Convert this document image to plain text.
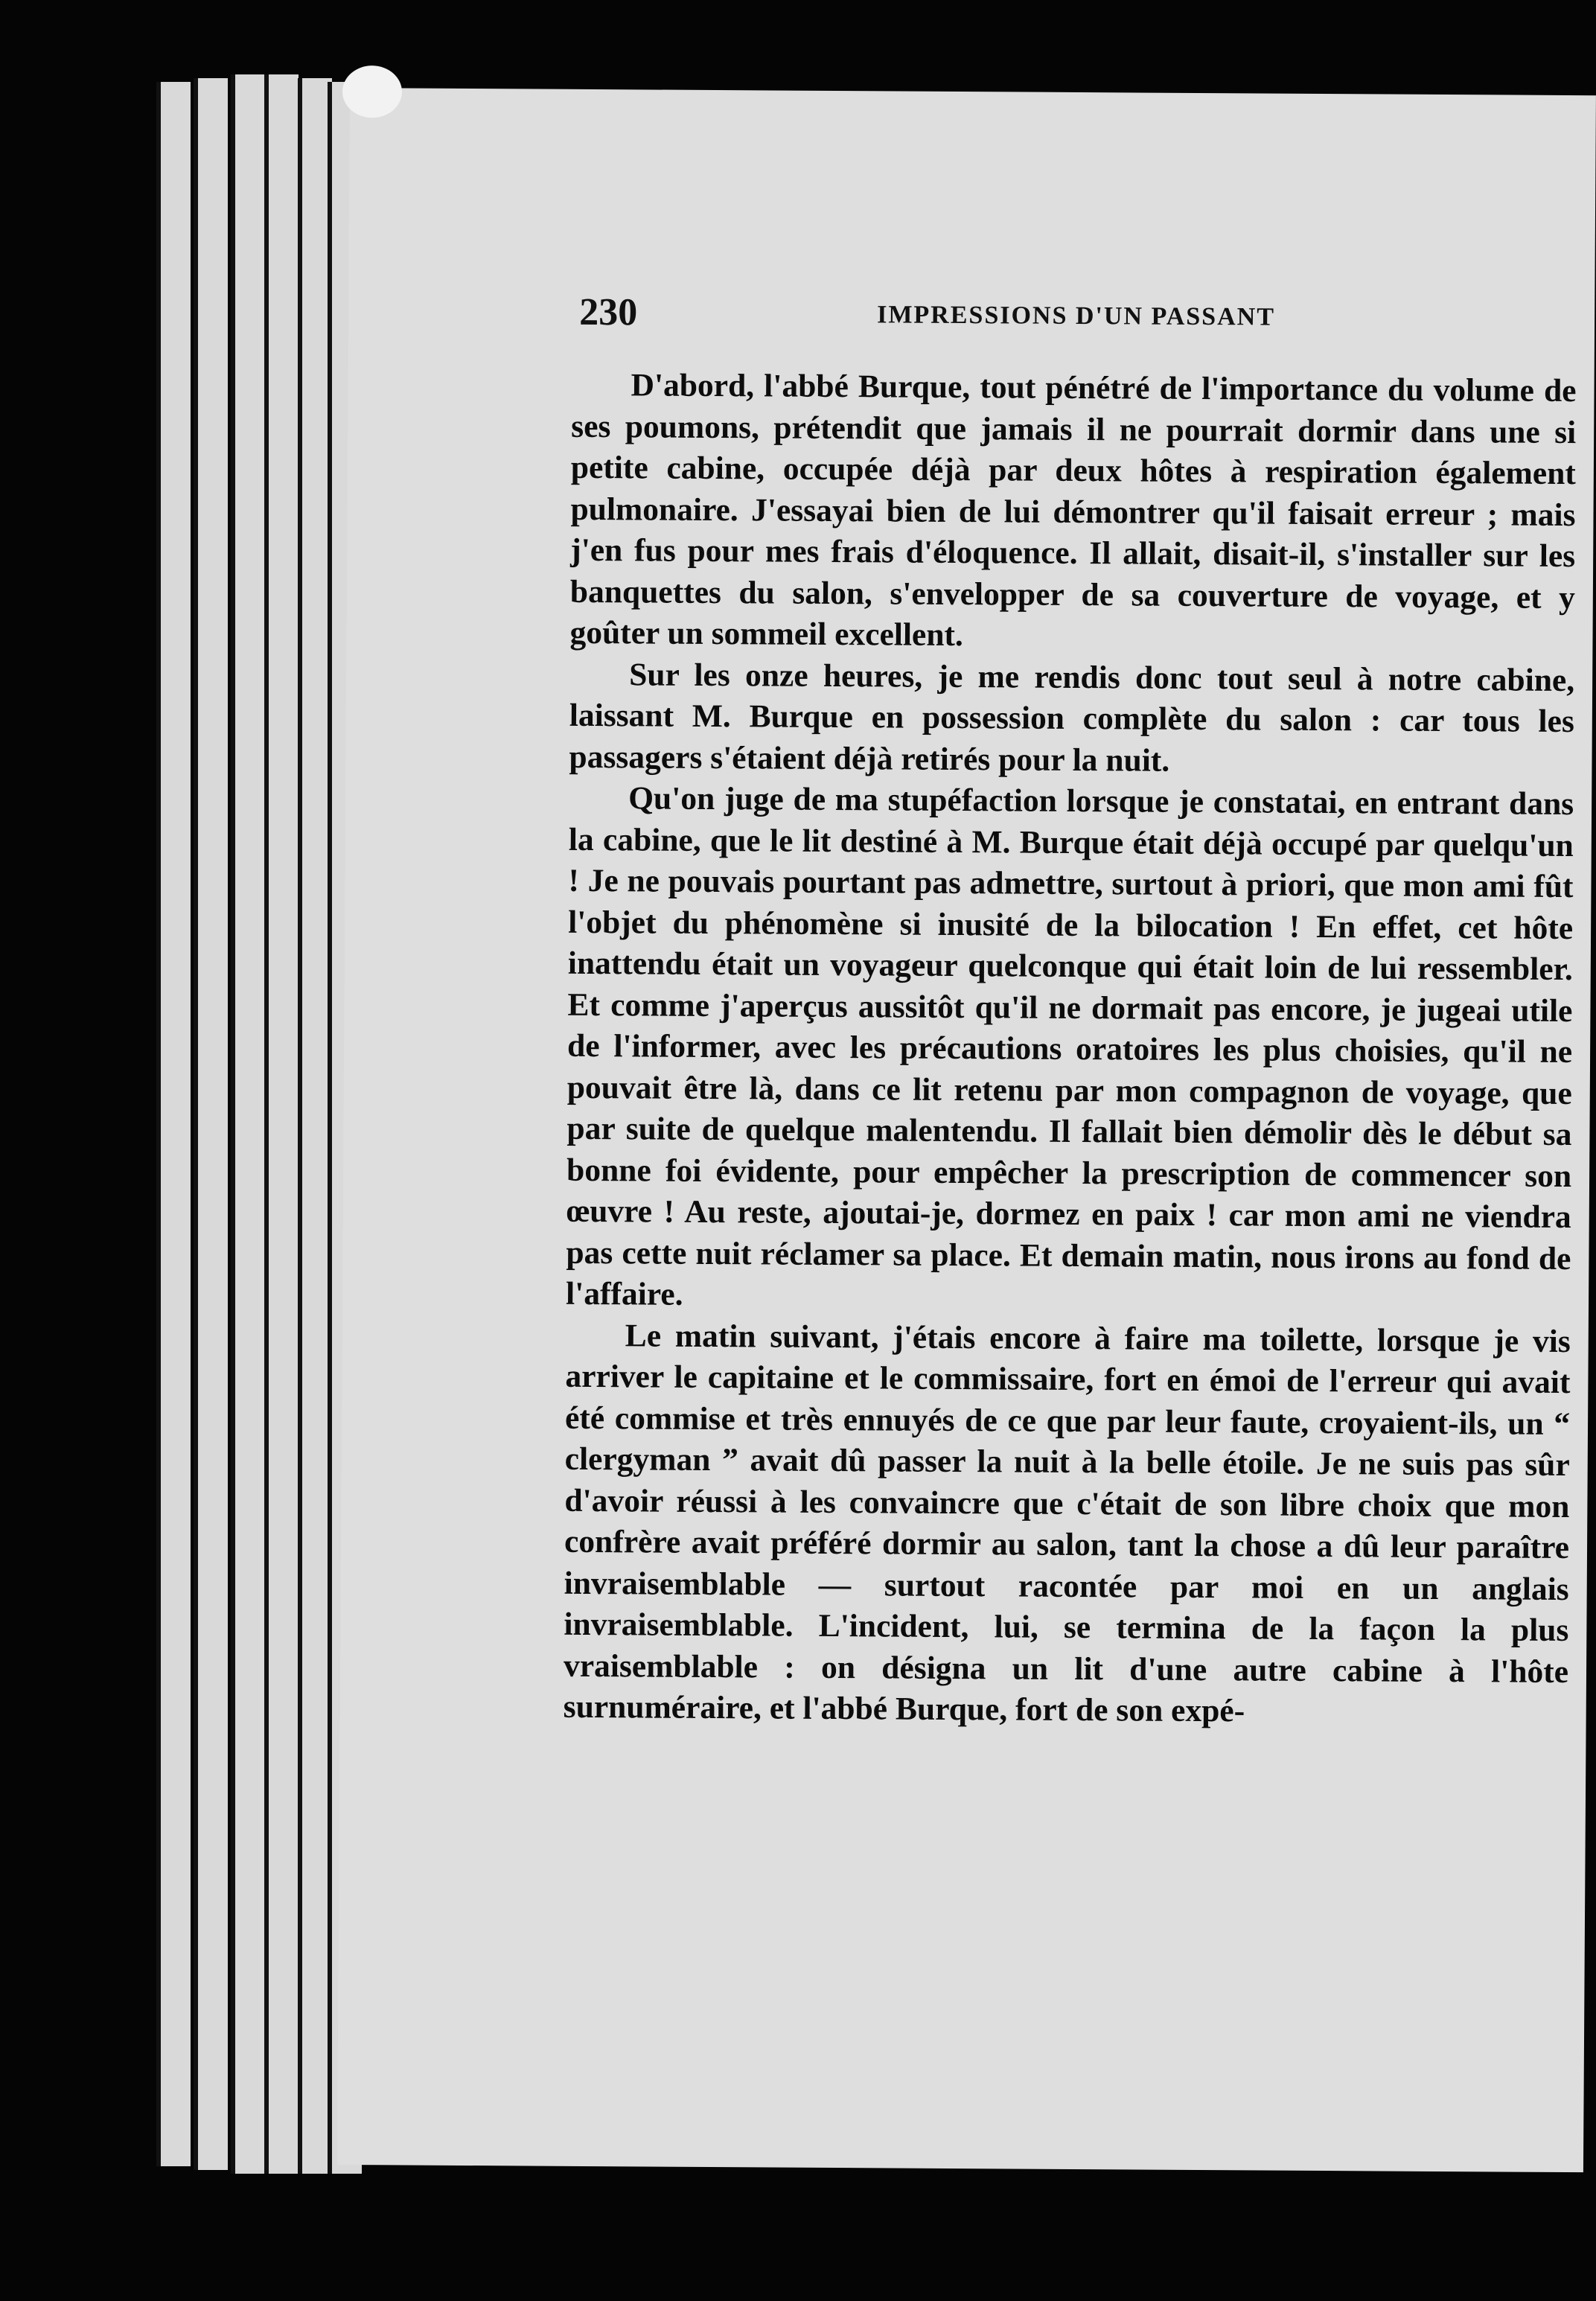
230	IMPRESSIONS D'UN PASSANT

D'abord, l'abbé Burque, tout pénétré de l'importance du volume de ses poumons, prétendit que jamais il ne pourrait dormir dans une si petite cabine, occupée déjà par deux hôtes à respiration également pulmonaire. J'essayai bien de lui démontrer qu'il faisait erreur ; mais j'en fus pour mes frais d'éloquence. Il allait, disait-il, s'installer sur les banquettes du salon, s'envelopper de sa couverture de voyage, et y goûter un sommeil excellent.

Sur les onze heures, je me rendis donc tout seul à notre cabine, laissant M. Burque en possession complète du salon : car tous les passagers s'étaient déjà retirés pour la nuit.

Qu'on juge de ma stupéfaction lorsque je constatai, en entrant dans la cabine, que le lit destiné à M. Burque était déjà occupé par quelqu'un ! Je ne pouvais pourtant pas admettre, surtout à priori, que mon ami fût l'objet du phénomène si inusité de la bilocation ! En effet, cet hôte inattendu était un voyageur quelconque qui était loin de lui ressembler. Et comme j'aperçus aussitôt qu'il ne dormait pas encore, je jugeai utile de l'informer, avec les précautions oratoires les plus choisies, qu'il ne pouvait être là, dans ce lit retenu par mon compagnon de voyage, que par suite de quelque malentendu. Il fallait bien démolir dès le début sa bonne foi évidente, pour empêcher la prescription de commencer son œuvre ! Au reste, ajoutai-je, dormez en paix ! car mon ami ne viendra pas cette nuit réclamer sa place. Et demain matin, nous irons au fond de l'affaire.

Le matin suivant, j'étais encore à faire ma toilette, lorsque je vis arriver le capitaine et le commissaire, fort en émoi de l'erreur qui avait été commise et très ennuyés de ce que par leur faute, croyaient-ils, un “ clergyman ” avait dû passer la nuit à la belle étoile. Je ne suis pas sûr d'avoir réussi à les convaincre que c'était de son libre choix que mon confrère avait préféré dormir au salon, tant la chose a dû leur paraître invraisemblable — surtout racontée par moi en un anglais invraisemblable. L'incident, lui, se termina de la façon la plus vraisemblable : on désigna un lit d'une autre cabine à l'hôte surnuméraire, et l'abbé Burque, fort de son expé-
